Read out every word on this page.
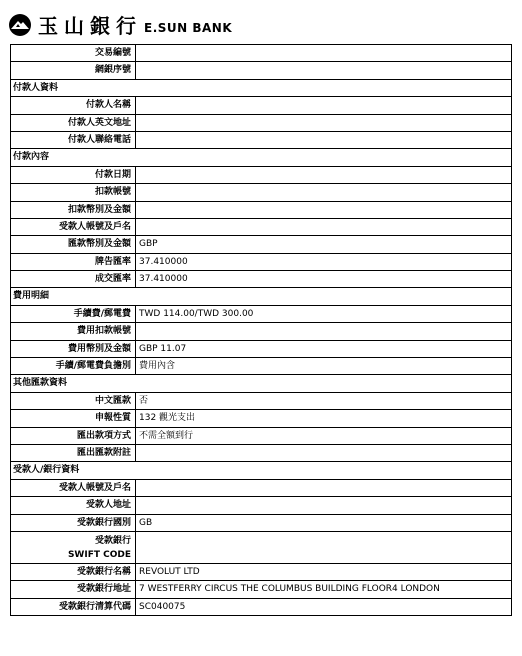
玉山銀行 E.SUN BANK
交易編號
網銀序號
付款人資料
付款人名稱
付款人英文地址
付款人聯絡電話
付款內容
付款日期
扣款帳號
扣款幣別及金額
受款人帳號及戶名
匯款幣別及金額 GBP
牌告匯率 37.410000
成交匯率 37.410000
費用明細
手續費/郵電費 TWD 114.00/TWD 300.00
費用扣款帳號
費用幣別及金額 GBP 11.07
手續/郵電費負擔別 費用內含
其他匯款資料
中文匯款 否
申報性質 132 觀光支出
匯出款項方式 不需全額到行
匯出匯款附註
受款人/銀行資料
受款人帳號及戶名
受款人地址
受款銀行國別 GB
受款銀行
SWIFT CODE
受款銀行名稱 REVOLUT LTD
受款銀行地址 7 WESTFERRY CIRCUS THE COLUMBUS BUILDING FLOOR4 LONDON
受款銀行清算代碼 SC040075
